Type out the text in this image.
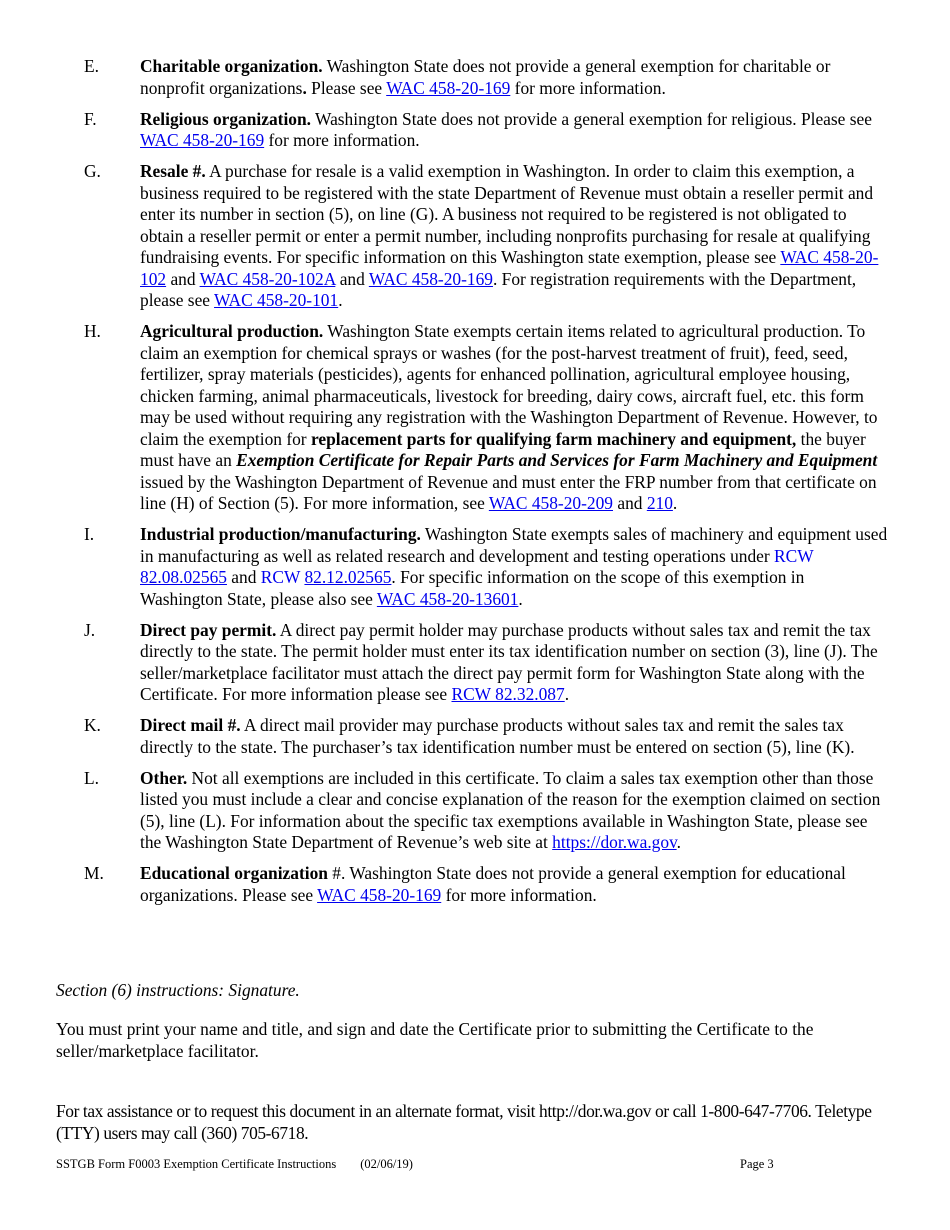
E. Charitable organization. Washington State does not provide a general exemption for charitable or nonprofit organizations. Please see WAC 458-20-169 for more information.
F. Religious organization. Washington State does not provide a general exemption for religious. Please see WAC 458-20-169 for more information.
G. Resale #. A purchase for resale is a valid exemption in Washington. In order to claim this exemption, a business required to be registered with the state Department of Revenue must obtain a reseller permit and enter its number in section (5), on line (G). A business not required to be registered is not obligated to obtain a reseller permit or enter a permit number, including nonprofits purchasing for resale at qualifying fundraising events. For specific information on this Washington state exemption, please see WAC 458-20-102 and WAC 458-20-102A and WAC 458-20-169. For registration requirements with the Department, please see WAC 458-20-101.
H. Agricultural production. Washington State exempts certain items related to agricultural production. To claim an exemption for chemical sprays or washes (for the post-harvest treatment of fruit), feed, seed, fertilizer, spray materials (pesticides), agents for enhanced pollination, agricultural employee housing, chicken farming, animal pharmaceuticals, livestock for breeding, dairy cows, aircraft fuel, etc. this form may be used without requiring any registration with the Washington Department of Revenue. However, to claim the exemption for replacement parts for qualifying farm machinery and equipment, the buyer must have an Exemption Certificate for Repair Parts and Services for Farm Machinery and Equipment issued by the Washington Department of Revenue and must enter the FRP number from that certificate on line (H) of Section (5). For more information, see WAC 458-20-209 and 210.
I.	Industrial production/manufacturing. Washington State exempts sales of machinery and equipment used in manufacturing as well as related research and development and testing operations under RCW 82.08.02565 and RCW 82.12.02565. For specific information on the scope of this exemption in Washington State, please also see WAC 458-20-13601.
J.	Direct pay permit. A direct pay permit holder may purchase products without sales tax and remit the tax directly to the state. The permit holder must enter its tax identification number on section (3), line (J). The seller/marketplace facilitator must attach the direct pay permit form for Washington State along with the Certificate. For more information please see RCW 82.32.087.
K. Direct mail #. A direct mail provider may purchase products without sales tax and remit the sales tax directly to the state. The purchaser’s tax identification number must be entered on section (5), line (K).
L. Other. Not all exemptions are included in this certificate. To claim a sales tax exemption other than those listed you must include a clear and concise explanation of the reason for the exemption claimed on section (5), line (L). For information about the specific tax exemptions available in Washington State, please see the Washington State Department of Revenue’s web site at https://dor.wa.gov.
M. Educational organization #. Washington State does not provide a general exemption for educational organizations. Please see WAC 458-20-169 for more information.
Section (6) instructions: Signature.
You must print your name and title, and sign and date the Certificate prior to submitting the Certificate to the seller/marketplace facilitator.
For tax assistance or to request this document in an alternate format, visit http://dor.wa.gov or call 1-800-647-7706. Teletype (TTY) users may call (360) 705-6718.
SSTGB Form F0003 Exemption Certificate Instructions (02/06/19)	Page 3
